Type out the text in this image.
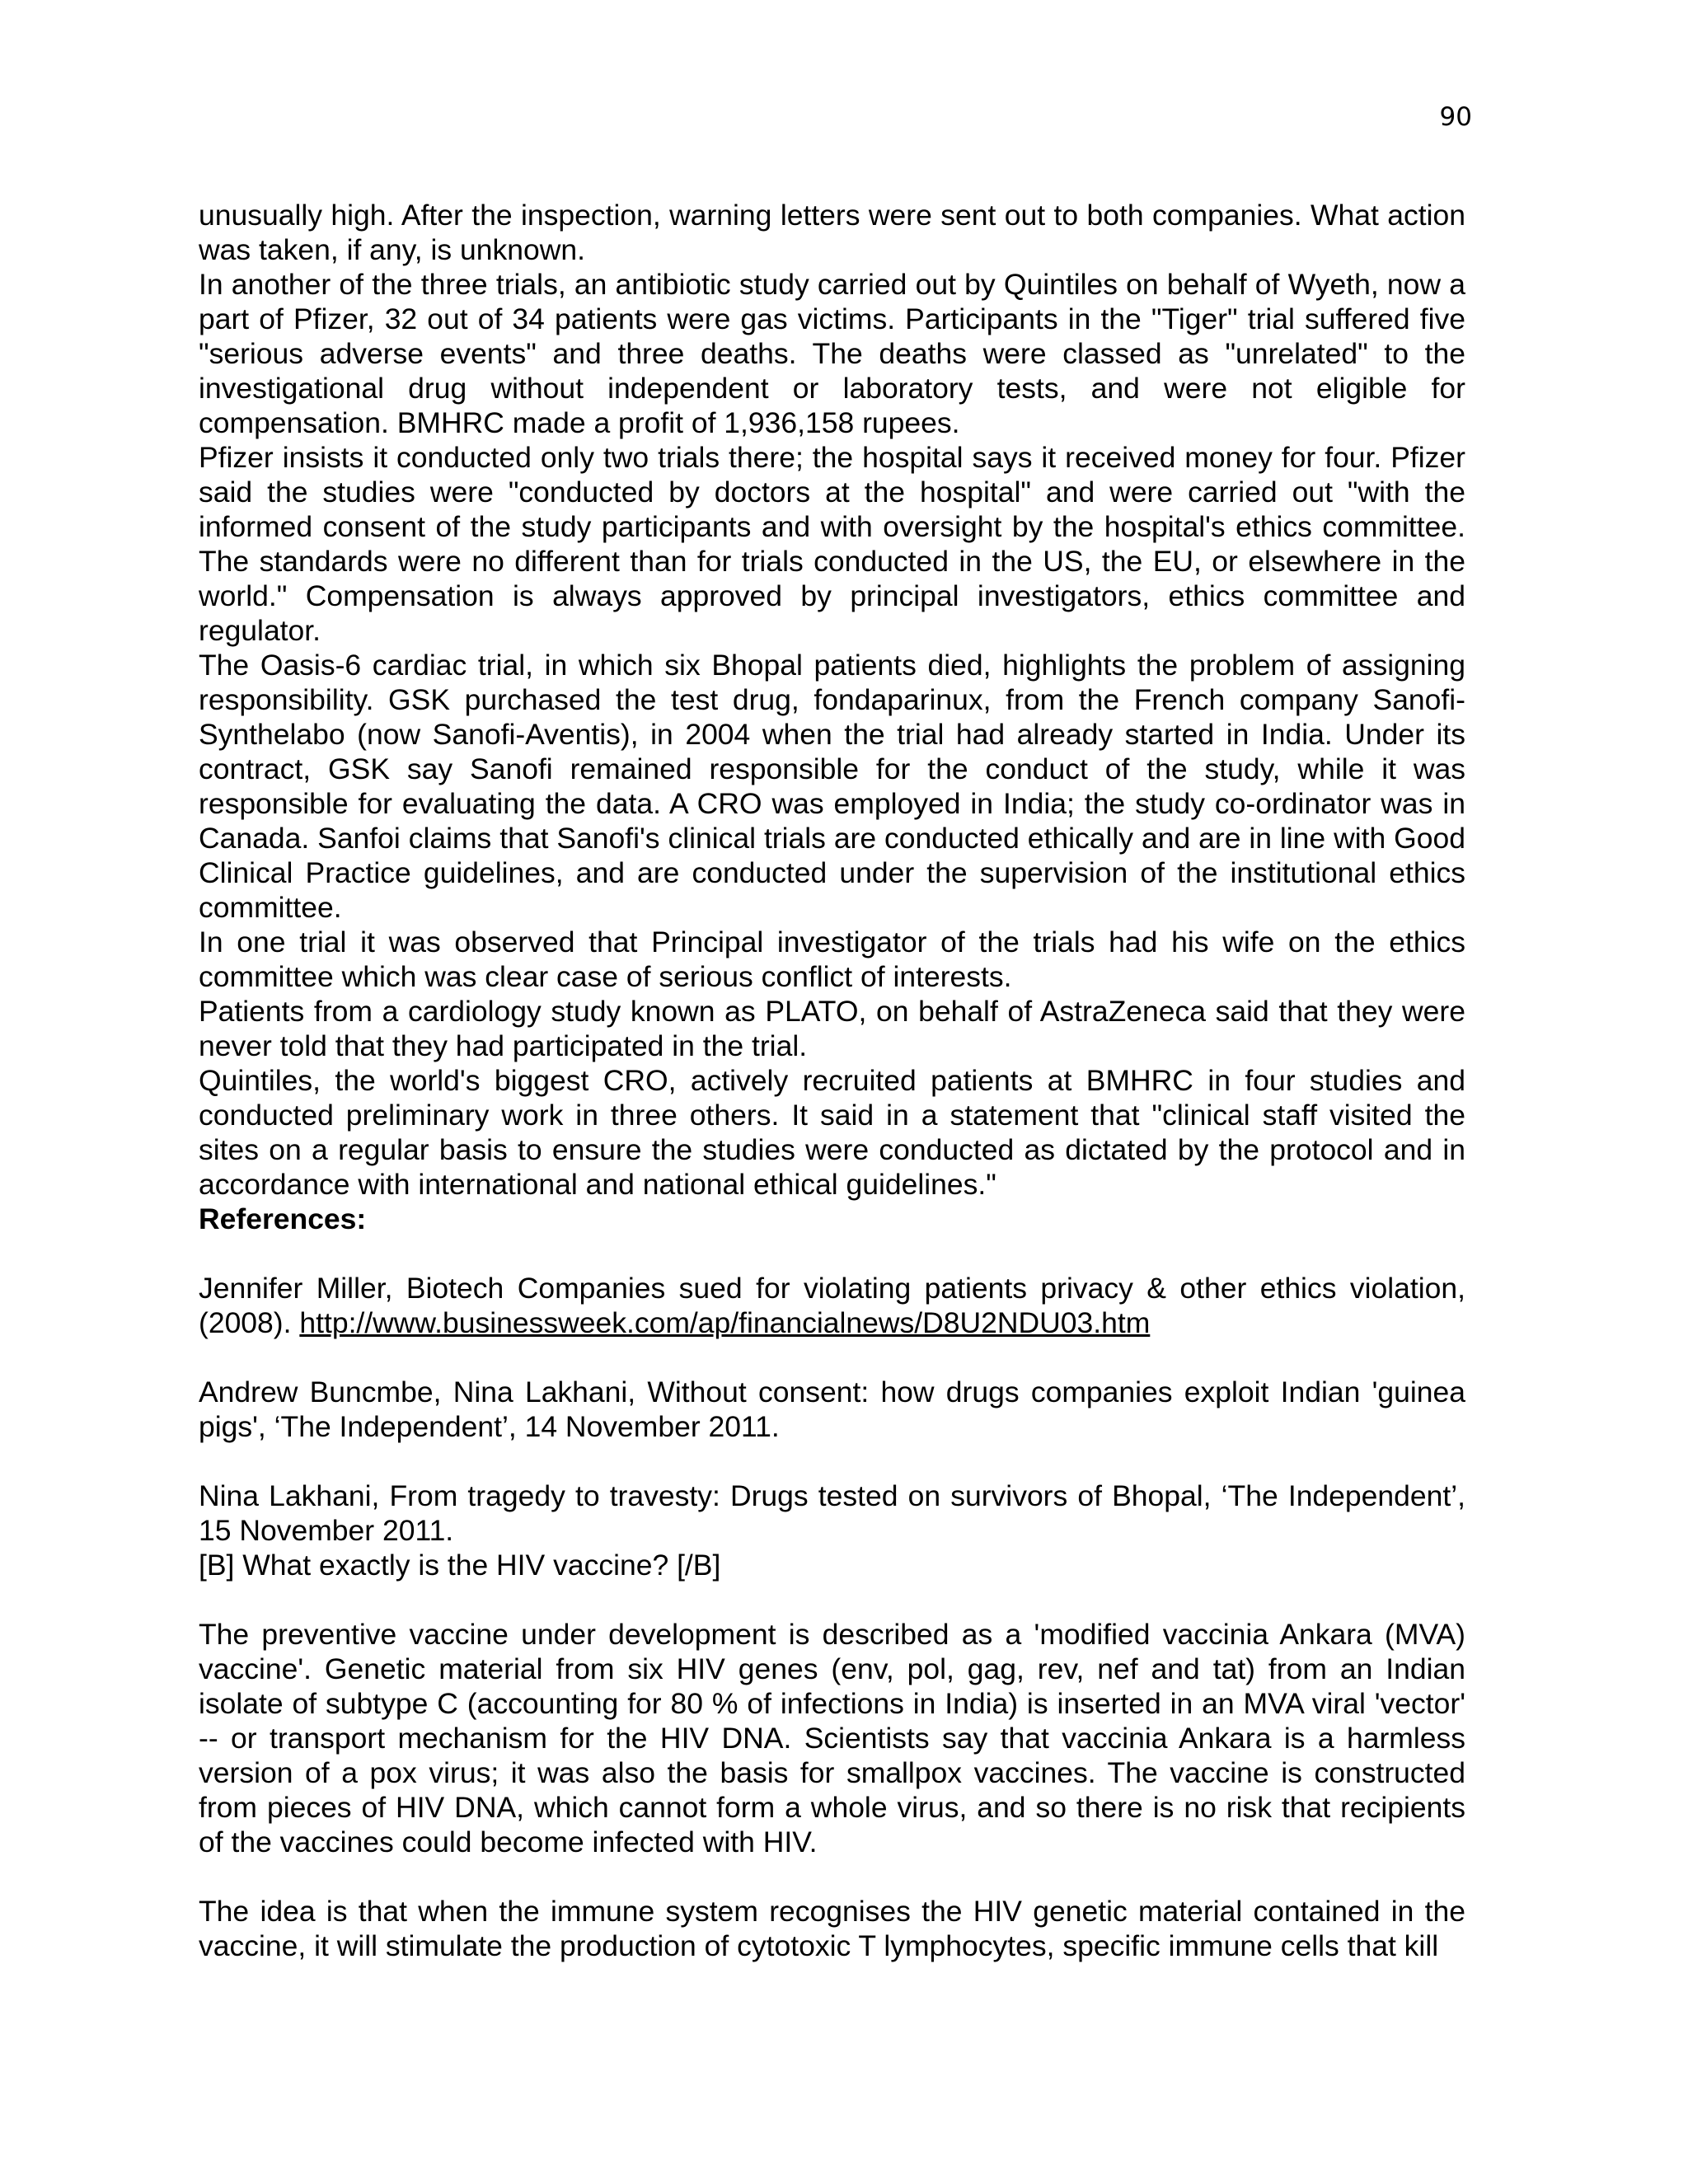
90

unusually high. After the inspection, warning letters were sent out to both companies. What action was taken, if any, is unknown.

In another of the three trials, an antibiotic study carried out by Quintiles on behalf of Wyeth, now a part of Pfizer, 32 out of 34 patients were gas victims. Participants in the "Tiger" trial suffered five "serious adverse events" and three deaths. The deaths were classed as "unrelated" to the investigational drug without independent or laboratory tests, and were not eligible for compensation. BMHRC made a profit of 1,936,158 rupees.

Pfizer insists it conducted only two trials there; the hospital says it received money for four. Pfizer said the studies were "conducted by doctors at the hospital" and were carried out "with the informed consent of the study participants and with oversight by the hospital's ethics committee. The standards were no different than for trials conducted in the US, the EU, or elsewhere in the world." Compensation is always approved by principal investigators, ethics committee and regulator.

The Oasis-6 cardiac trial, in which six Bhopal patients died, highlights the problem of assigning responsibility. GSK purchased the test drug, fondaparinux, from the French company Sanofi-Synthelabo (now Sanofi-Aventis), in 2004 when the trial had already started in India. Under its contract, GSK say Sanofi remained responsible for the conduct of the study, while it was responsible for evaluating the data. A CRO was employed in India; the study co-ordinator was in Canada. Sanfoi claims that Sanofi's clinical trials are conducted ethically and are in line with Good Clinical Practice guidelines, and are conducted under the supervision of the institutional ethics committee.

In one trial it was observed that Principal investigator of the trials had his wife on the ethics committee which was clear case of serious conflict of interests.

Patients from a cardiology study known as PLATO, on behalf of AstraZeneca said that they were never told that they had participated in the trial.

Quintiles, the world's biggest CRO, actively recruited patients at BMHRC in four studies and conducted preliminary work in three others. It said in a statement that "clinical staff visited the sites on a regular basis to ensure the studies were conducted as dictated by the protocol and in accordance with international and national ethical guidelines."

References:

Jennifer Miller, Biotech Companies sued for violating patients privacy & other ethics violation, (2008). http://www.businessweek.com/ap/financialnews/D8U2NDU03.htm

Andrew Buncmbe, Nina Lakhani, Without consent: how drugs companies exploit Indian 'guinea pigs', ‘The Independent’, 14 November 2011.

Nina Lakhani, From tragedy to travesty: Drugs tested on survivors of Bhopal, ‘The Independent’, 15 November 2011.

[B] What exactly is the HIV vaccine? [/B]

The preventive vaccine under development is described as a 'modified vaccinia Ankara (MVA) vaccine'. Genetic material from six HIV genes (env, pol, gag, rev, nef and tat) from an Indian isolate of subtype C (accounting for 80 % of infections in India) is inserted in an MVA viral 'vector' -- or transport mechanism for the HIV DNA. Scientists say that vaccinia Ankara is a harmless version of a pox virus; it was also the basis for smallpox vaccines. The vaccine is constructed from pieces of HIV DNA, which cannot form a whole virus, and so there is no risk that recipients of the vaccines could become infected with HIV.

The idea is that when the immune system recognises the HIV genetic material contained in the vaccine, it will stimulate the production of cytotoxic T lymphocytes, specific immune cells that kill
